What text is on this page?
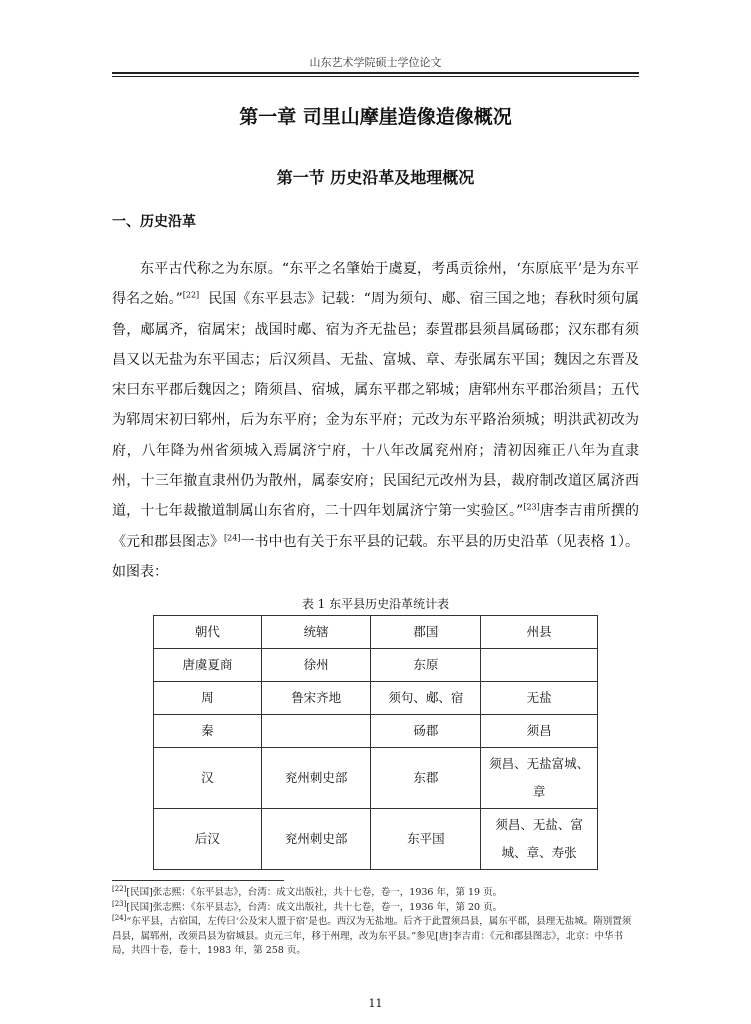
山东艺术学院硕士学位论文
第一章 司里山摩崖造像造像概况
第一节 历史沿革及地理概况
一、历史沿革

东平古代称之为东原。“东平之名肇始于虞夏，考禹贡徐州，‘东原底平’是为东平得名之始。”[22] 民国《东平县志》记载：“周为须句、郕、宿三国之地；春秋时须句属鲁，郕属齐，宿属宋；战国时郕、宿为齐无盐邑；泰置郡县须昌属砀郡；汉东郡有须昌又以无盐为东平国志；后汉须昌、无盐、富城、章、寿张属东平国；魏因之东晋及宋曰东平郡后魏因之；隋须昌、宿城，属东平郡之郓城；唐郓州东平郡治须昌；五代为郓周宋初曰郓州，后为东平府；金为东平府；元改为东平路治须城；明洪武初改为府，八年降为州省须城入焉属济宁府，十八年改属兖州府；清初因雍正八年为直隶州，十三年撤直隶州仍为散州，属泰安府；民国纪元改州为县，裁府制改道区属济西道，十七年裁撤道制属山东省府，二十四年划属济宁第一实验区。”[23]唐李吉甫所撰的《元和郡县图志》[24]一书中也有关于东平县的记载。东平县的历史沿革（见表格 1）。如图表：

表 1 东平县历史沿革统计表
朝代	统辖	郡国	州县
唐虞夏商	徐州	东原	
周	鲁宋齐地	须句、郕、宿	无盐
秦		砀郡	须昌
汉	兖州刺史部	东郡	须昌、无盐富城、章
后汉	兖州刺史部	东平国	须昌、无盐、富城、章、寿张

[22][民国]张志熙：《东平县志》，台湾：成文出版社，共十七卷，卷一，1936 年，第 19 页。

[23][民国]张志熙：《东平县志》，台湾：成文出版社，共十七卷，卷一，1936 年，第 20 页。

[24]“东平县，古宿国，左传曰‘公及宋人盟于宿’是也。西汉为无盐地。后齐于此置须昌县，属东平郡，县理无盐城。隋别置须昌县，属郓州，改须昌县为宿城县。贞元三年，移于州理，改为东平县。”参见[唐]李吉甫：《元和郡县图志》，北京：中华书局，共四十卷，卷十，1983 年，第 258 页。

11
